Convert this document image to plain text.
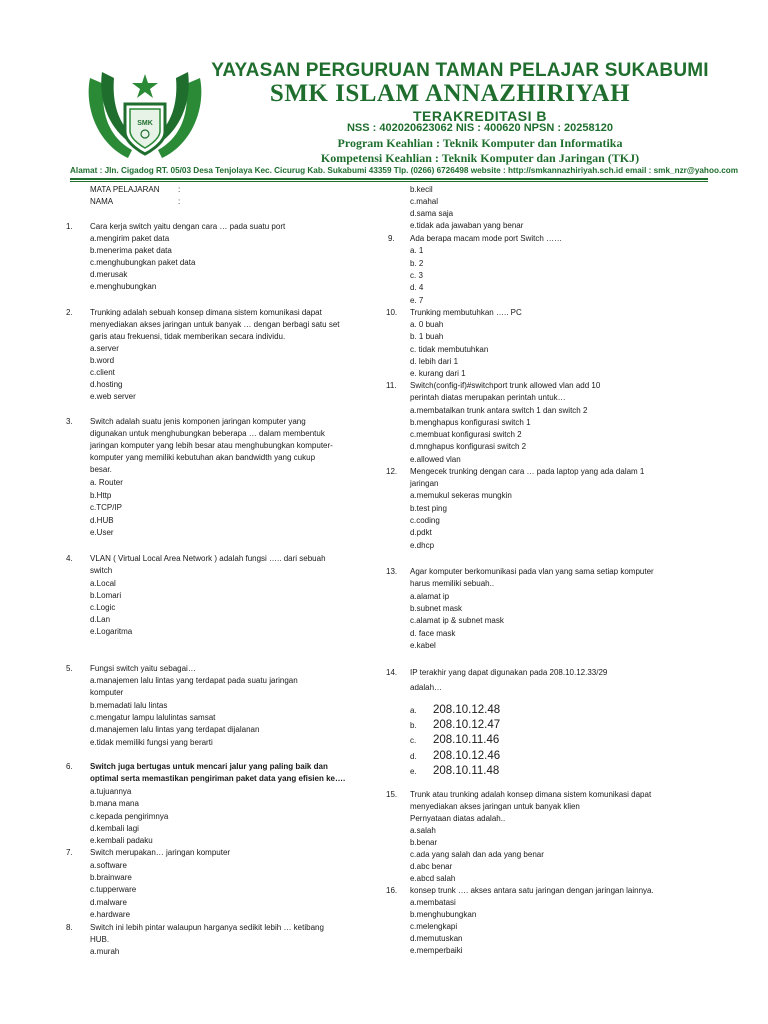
SMK
YAYASAN PERGURUAN TAMAN PELAJAR SUKABUMI
SMK ISLAM ANNAZHIRIYAH
TERAKREDITASI B
NSS : 402020623062 NIS : 400620 NPSN : 20258120
Program Keahlian : Teknik Komputer dan Informatika
Kompetensi Keahlian : Teknik Komputer dan Jaringan (TKJ)
Alamat : Jln. Cigadog RT. 05/03 Desa Tenjolaya Kec. Cicurug Kab. Sukabumi 43359 Tlp. (0266) 6726498 website : http://smkannazhiriyah.sch.id email : smk_nzr@yahoo.com
MATA PELAJARAN :
NAMA	:
1. Cara kerja switch yaitu dengan cara … pada suatu port
a.mengirim paket data
b.menerima paket data
c.menghubungkan paket data
d.merusak
e.menghubungkan
2. Trunking adalah sebuah konsep dimana sistem komunikasi dapat
menyediakan akses jaringan untuk banyak … dengan berbagi satu set
garis atau frekuensi, tidak memberikan secara individu.
a.server
b.word
c.client
d.hosting
e.web server
3. Switch adalah suatu jenis komponen jaringan komputer yang
digunakan untuk menghubungkan beberapa … dalam membentuk
jaringan komputer yang lebih besar atau menghubungkan komputer-
komputer yang memiliki kebutuhan akan bandwidth yang cukup
besar.
a. Router
b.Http
c.TCP/IP
d.HUB
e.User
4. VLAN ( Virtual Local Area Network ) adalah fungsi ….. dari sebuah
switch
a.Local
b.Lomari
c.Logic
d.Lan
e.Logaritma
5. Fungsi switch yaitu sebagai…
a.manajemen lalu lintas yang terdapat pada suatu jaringan
komputer
b.memadati lalu lintas
c.mengatur lampu lalulintas samsat
d.manajemen lalu lintas yang terdapat dijalanan
e.tidak memiliki fungsi yang berarti
6. Switch juga bertugas untuk mencari jalur yang paling baik dan
optimal serta memastikan pengiriman paket data yang efisien ke….
a.tujuannya
b.mana mana
c.kepada pengirimnya
d.kembali lagi
e.kembali padaku
7. Switch merupakan… jaringan komputer
a.software
b.brainware
c.tupperware
d.malware
e.hardware
8. Switch ini lebih pintar walaupun harganya sedikit lebih … ketibang
HUB.
a.murah
b.kecil
c.mahal
d.sama saja
e.tidak ada jawaban yang benar
9. Ada berapa macam mode port Switch ……
a. 1
b. 2
c. 3
d. 4
e. 7
10. Trunking membutuhkan ….. PC
a. 0 buah
b. 1 buah
c. tidak membutuhkan
d. lebih dari 1
e. kurang dari 1
11. Switch(config-if)#switchport trunk allowed vlan add 10
perintah diatas merupakan perintah untuk…
a.membatalkan trunk antara switch 1 dan switch 2
b.menghapus konfigurasi switch 1
c.membuat konfigurasi switch 2
d.mnghapus konfigurasi switch 2
e.allowed vlan
12. Mengecek trunking dengan cara … pada laptop yang ada dalam 1
jaringan
a.memukul sekeras mungkin
b.test ping
c.coding
d.pdkt
e.dhcp
13. Agar komputer berkomunikasi pada vlan yang sama setiap komputer
harus memiliki sebuah..
a.alamat ip
b.subnet mask
c.alamat ip & subnet mask
d. face mask
e.kabel
14. IP terakhir yang dapat digunakan pada 208.10.12.33/29
adalah…
a. 208.10.12.48
b. 208.10.12.47
c. 208.10.11.46
d. 208.10.12.46
e. 208.10.11.48
15. Trunk atau trunking adalah konsep dimana sistem komunikasi dapat
menyediakan akses jaringan untuk banyak klien
Pernyataan diatas adalah..
a.salah
b.benar
c.ada yang salah dan ada yang benar
d.abc benar
e.abcd salah
16. konsep trunk …. akses antara satu jaringan dengan jaringan lainnya.
a.membatasi
b.menghubungkan
c.melengkapi
d.memutuskan
e.memperbaiki
